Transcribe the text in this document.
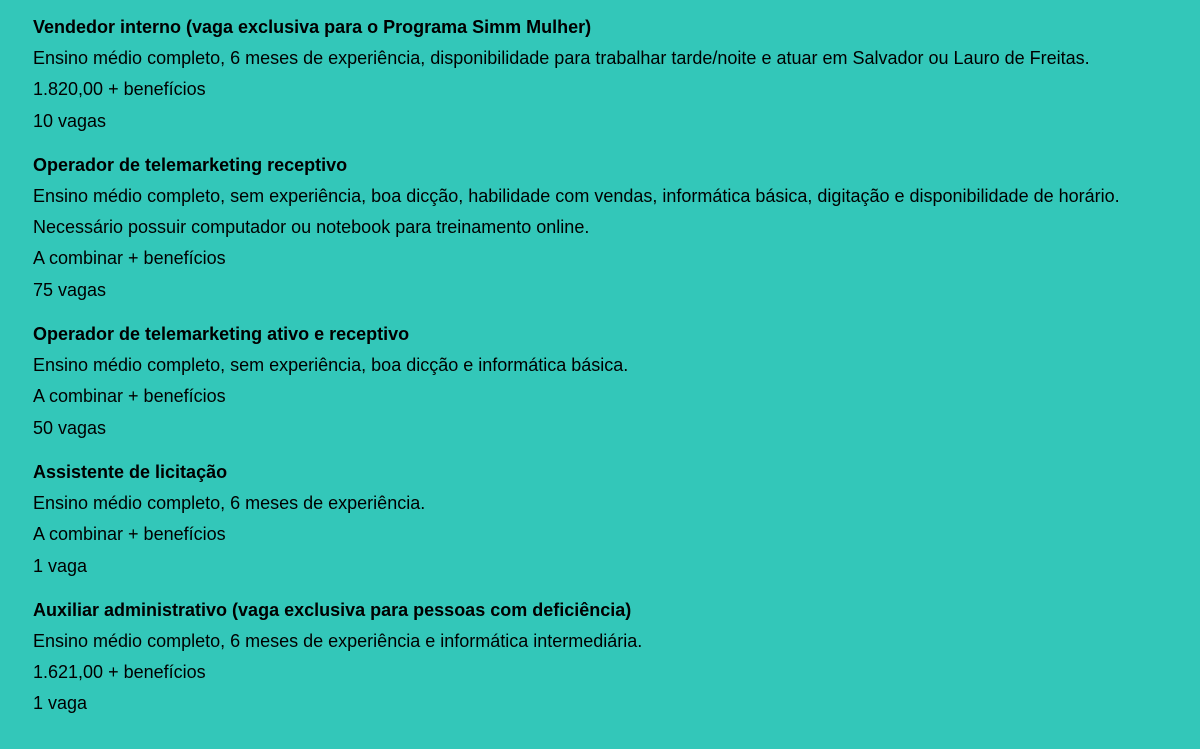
Vendedor interno (vaga exclusiva para o Programa Simm Mulher)
Ensino médio completo, 6 meses de experiência, disponibilidade para trabalhar tarde/noite e atuar em Salvador ou Lauro de Freitas.
1.820,00 + benefícios
10 vagas
Operador de telemarketing receptivo
Ensino médio completo, sem experiência, boa dicção, habilidade com vendas, informática básica, digitação e disponibilidade de horário.
Necessário possuir computador ou notebook para treinamento online.
A combinar + benefícios
75 vagas
Operador de telemarketing ativo e receptivo
Ensino médio completo, sem experiência, boa dicção e informática básica.
A combinar + benefícios
50 vagas
Assistente de licitação
Ensino médio completo, 6 meses de experiência.
A combinar + benefícios
1 vaga
Auxiliar administrativo (vaga exclusiva para pessoas com deficiência)
Ensino médio completo, 6 meses de experiência e informática intermediária.
1.621,00 + benefícios
1 vaga
